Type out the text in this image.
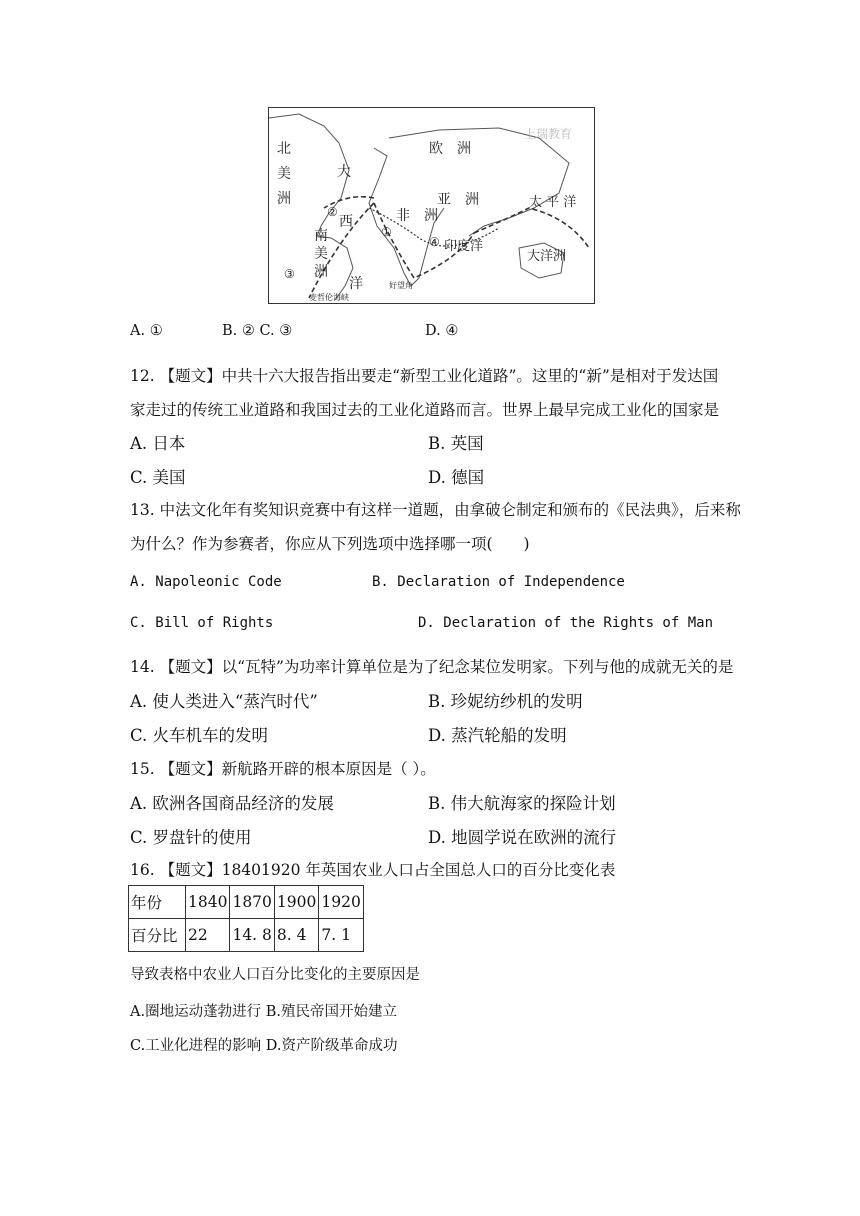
上瑞教育
北
美
洲
大
欧　洲
西
亚　洲
非　洲
太 平 洋
南
美
洲
洋
印度洋
大洋洲
好望角
麦哲伦海峡
①
②
③
④
A. ①	B. ② C. ③	D. ④
12. 【题文】中共十六大报告指出要走“新型工业化道路”。这里的“新”是相对于发达国
家走过的传统工业道路和我国过去的工业化道路而言。世界上最早完成工业化的国家是
A. 日本	B. 英国
C. 美国	D. 德国
13. 中法文化年有奖知识竞赛中有这样一道题，由拿破仑制定和颁布的《民法典》，后来称
为什么？作为参赛者，你应从下列选项中选择哪一项(　　)
A. Napoleonic Code	B. Declaration of Independence
C. Bill of Rights	D. Declaration of the Rights of Man
14. 【题文】以“瓦特”为功率计算单位是为了纪念某位发明家。下列与他的成就无关的是
A. 使人类进入“蒸汽时代”	B. 珍妮纺纱机的发明
C. 火车机车的发明	D. 蒸汽轮船的发明
15. 【题文】新航路开辟的根本原因是（ ）。
A. 欧洲各国商品经济的发展	B. 伟大航海家的探险计划
C. 罗盘针的使用	D. 地圆学说在欧洲的流行
16. 【题文】18401920 年英国农业人口占全国总人口的百分比变化表
年份	1840	1870	1900	1920
百分比	22	14. 8	8. 4	7. 1
导致表格中农业人口百分比变化的主要原因是
A.圈地运动蓬勃进行 B.殖民帝国开始建立
C.工业化进程的影响 D.资产阶级革命成功
